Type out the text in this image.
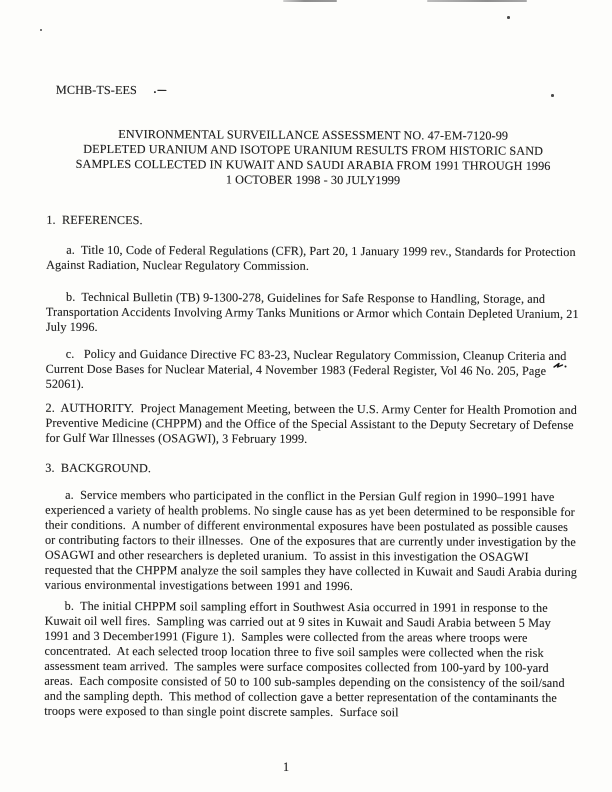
MCHB-TS-EES
ENVIRONMENTAL SURVEILLANCE ASSESSMENT NO. 47-EM-7120-99
DEPLETED URANIUM AND ISOTOPE URANIUM RESULTS FROM HISTORIC SAND
SAMPLES COLLECTED IN KUWAIT AND SAUDI ARABIA FROM 1991 THROUGH 1996
1 OCTOBER 1998 - 30 JULY1999
1.  REFERENCES.
a.  Title 10, Code of Federal Regulations (CFR), Part 20, 1 January 1999 rev., Standards for Protection Against Radiation, Nuclear Regulatory Commission.
b.  Technical Bulletin (TB) 9-1300-278, Guidelines for Safe Response to Handling, Storage, and Transportation Accidents Involving Army Tanks Munitions or Armor which Contain Depleted Uranium, 21 July 1996.
c.   Policy and Guidance Directive FC 83-23, Nuclear Regulatory Commission, Cleanup Criteria and Current Dose Bases for Nuclear Material, 4 November 1983 (Federal Register, Vol 46 No. 205, Page 52061).
2.  AUTHORITY.  Project Management Meeting, between the U.S. Army Center for Health Promotion and Preventive Medicine (CHPPM) and the Office of the Special Assistant to the Deputy Secretary of Defense for Gulf War Illnesses (OSAGWI), 3 February 1999.
3.  BACKGROUND.
a.  Service members who participated in the conflict in the Persian Gulf region in 1990–1991 have experienced a variety of health problems. No single cause has as yet been determined to be responsible for their conditions.  A number of different environmental exposures have been postulated as possible causes or contributing factors to their illnesses.  One of the exposures that are currently under investigation by the OSAGWI and other researchers is depleted uranium.  To assist in this investigation the OSAGWI requested that the CHPPM analyze the soil samples they have collected in Kuwait and Saudi Arabia during various environmental investigations between 1991 and 1996.
b.  The initial CHPPM soil sampling effort in Southwest Asia occurred in 1991 in response to the Kuwait oil well fires.  Sampling was carried out at 9 sites in Kuwait and Saudi Arabia between 5 May 1991 and 3 December1991 (Figure 1).  Samples were collected from the areas where troops were concentrated.  At each selected troop location three to five soil samples were collected when the risk assessment team arrived.  The samples were surface composites collected from 100-yard by 100-yard areas.  Each composite consisted of 50 to 100 sub-samples depending on the consistency of the soil/sand and the sampling depth.  This method of collection gave a better representation of the contaminants the troops were exposed to than single point discrete samples.  Surface soil
1
